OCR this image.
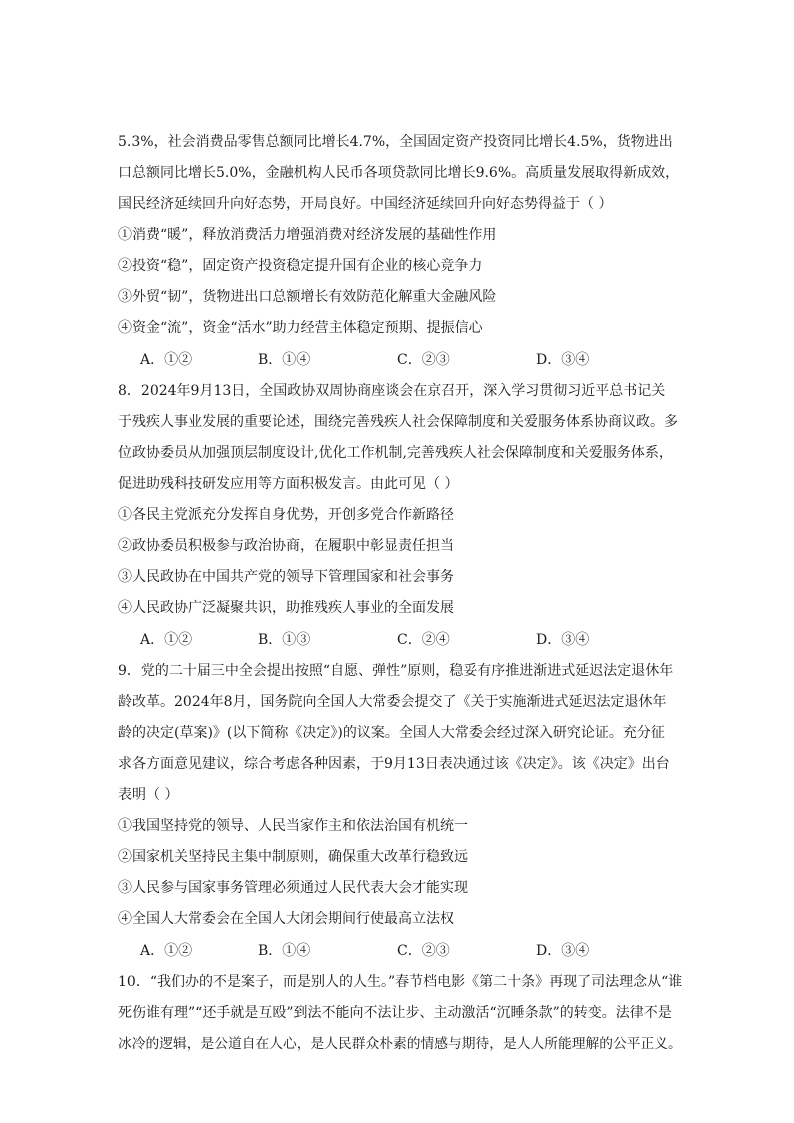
5.3%，社会消费品零售总额同比增长4.7%，全国固定资产投资同比增长4.5%，货物进出
口总额同比增长5.0%，金融机构人民币各项贷款同比增长9.6%。高质量发展取得新成效，
国民经济延续回升向好态势，开局良好。中国经济延续回升向好态势得益于（ ）
①消费“暖”，释放消费活力增强消费对经济发展的基础性作用
②投资“稳”，固定资产投资稳定提升国有企业的核心竞争力
③外贸“韧”，货物进出口总额增长有效防范化解重大金融风险
④资金“流”，资金“活水”助力经营主体稳定预期、提振信心
A．①②	B．①④	C．②③	D．③④
8．2024年9月13日，全国政协双周协商座谈会在京召开，深入学习贯彻习近平总书记关
于残疾人事业发展的重要论述，围绕完善残疾人社会保障制度和关爱服务体系协商议政。多
位政协委员从加强顶层制度设计,优化工作机制,完善残疾人社会保障制度和关爱服务体系，
促进助残科技研发应用等方面积极发言。由此可见（ ）
①各民主党派充分发挥自身优势，开创多党合作新路径
②政协委员积极参与政治协商，在履职中彰显责任担当
③人民政协在中国共产党的领导下管理国家和社会事务
④人民政协广泛凝聚共识，助推残疾人事业的全面发展
A．①②	B．①③	C．②④	D．③④
9．党的二十届三中全会提出按照“自愿、弹性”原则，稳妥有序推进渐进式延迟法定退休年
龄改革。2024年8月，国务院向全国人大常委会提交了《关于实施渐进式延迟法定退休年
龄的决定(草案)》(以下简称《决定》)的议案。全国人大常委会经过深入研究论证。充分征
求各方面意见建议，综合考虑各种因素，于9月13日表决通过该《决定》。该《决定》出台
表明（ ）
①我国坚持党的领导、人民当家作主和依法治国有机统一
②国家机关坚持民主集中制原则，确保重大改革行稳致远
③人民参与国家事务管理必须通过人民代表大会才能实现
④全国人大常委会在全国人大闭会期间行使最高立法权
A．①②	B．①④	C．②③	D．③④
10．“我们办的不是案子，而是别人的人生。”春节档电影《第二十条》再现了司法理念从“谁
死伤谁有理”“还手就是互殴”到法不能向不法让步、主动激活“沉睡条款”的转变。法律不是
冰冷的逻辑，是公道自在人心，是人民群众朴素的情感与期待，是人人所能理解的公平正义。
